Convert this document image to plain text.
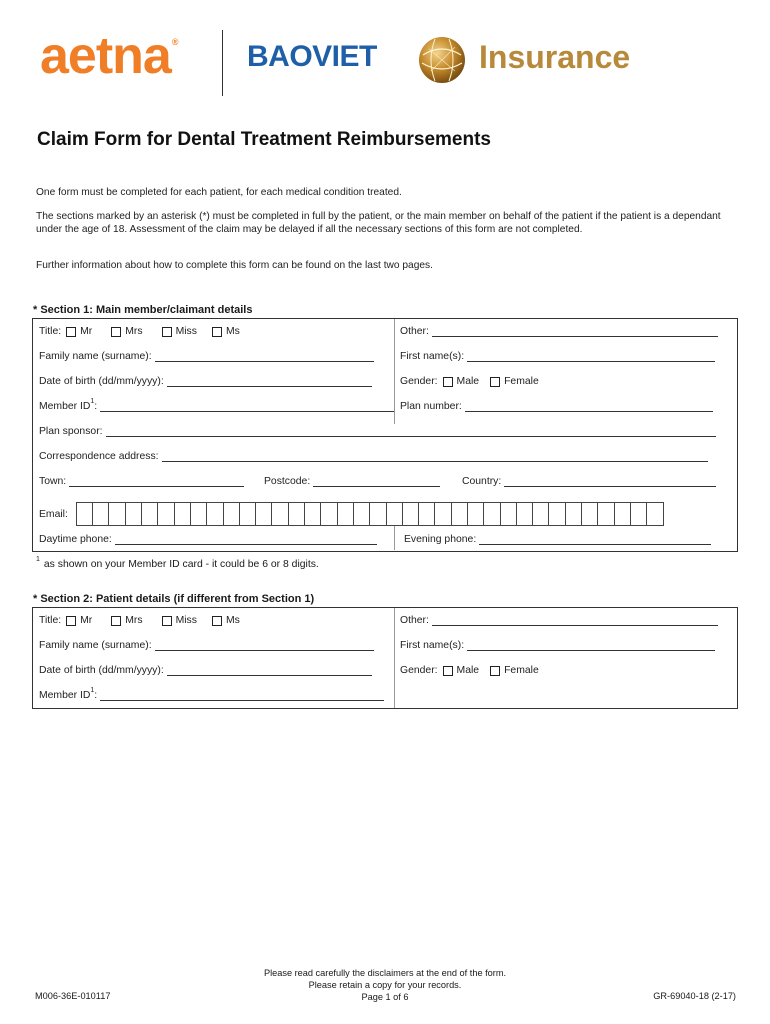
aetna® BAOVIET	Insurance
Claim Form for Dental Treatment Reimbursements
One form must be completed for each patient, for each medical condition treated.
The sections marked by an asterisk (*) must be completed in full by the patient, or the main member on behalf of the patient if the patient is a dependant under the age of 18. Assessment of the claim may be delayed if all the necessary sections of this form are not completed.
Further information about how to complete this form can be found on the last two pages.
* Section 1: Main member/claimant details
Title: Mr	Mrs	Miss	Ms	Other:
Family name (surname):	First name(s):
Date of birth (dd/mm/yyyy):	Gender: Male Female
Member $ID^1$:	Plan number:
Plan sponsor:
Correspondence address:
Town:	Postcode:	Country:
Email:
Daytime phone:	Evening phone:
$^1$ as shown on your Member ID card - it could be 6 or 8 digits.
* Section 2: Patient details (if different from Section 1)
Title: Mr	Mrs	Miss	Ms	Other:
Family name (surname):	First name(s):
Date of birth (dd/mm/yyyy):	Gender: Male Female
Member $ID^1$:
Please read carefully the disclaimers at the end of the form.
Please retain a copy for your records.
Page 1 of 6
M006-36E-010117	GR-69040-18 (2-17)
